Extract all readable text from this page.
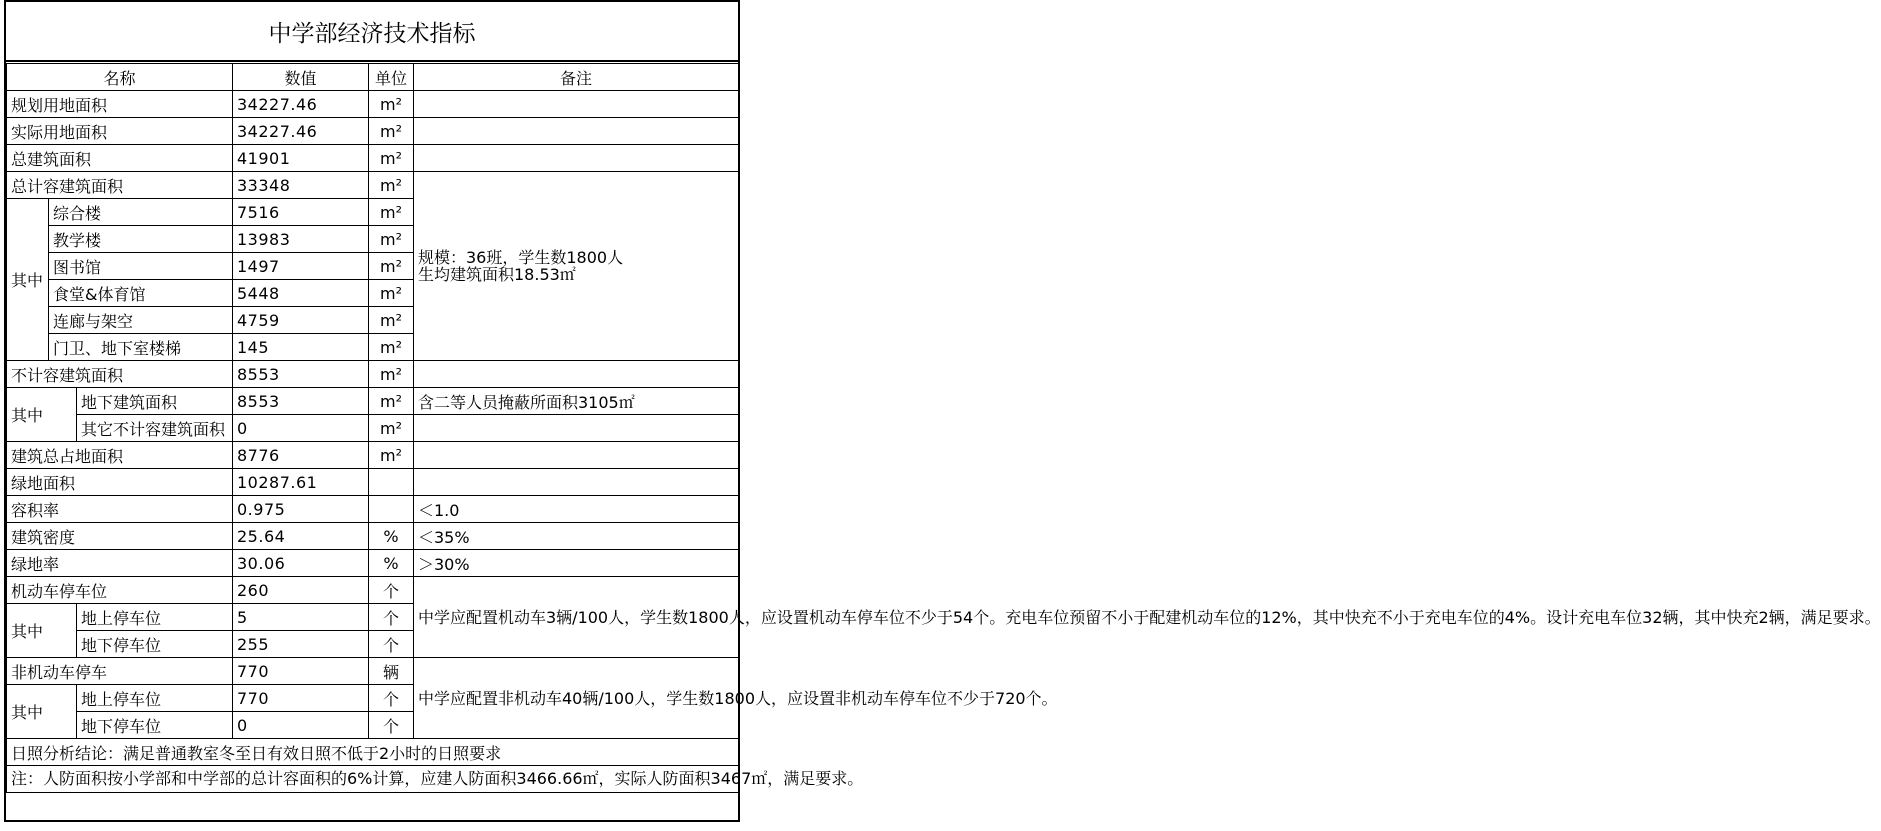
中学部经济技术指标
名称			数值	单位	备注
规划用地面积			34227.46	m²	
实际用地面积			34227.46	m²	
总建筑面积			41901	m²	
总计容建筑面积			33348	m²	规模：36班，学生数1800人
生均建筑面积18.53㎡

其中	综合楼		7516	m²	
	教学楼		13983	m²	
	图书馆		1497	m²	
	食堂&体育馆		5448	m²	
	连廊与架空		4759	m²	
	门卫、地下室楼梯		145	m²	
不计容建筑面积			8553	m²	
其中		地下建筑面积	8553	m²	含二等人员掩蔽所面积3105㎡
		其它不计容建筑面积	0	m²	
建筑总占地面积			8776	m²	
绿地面积			10287.61		
容积率			0.975		＜1.0
建筑密度			25.64	%	＜35%
绿地率			30.06	%	＞30%
机动车停车位			260	个	中学应配置机动车3辆/100人，学生数1800人，应设置机动车停车位不少于54个。充电车位预留不小于配建机动车位的12%，其中快充不小于充电车位的4%。设计充电车位32辆，其中快充2辆，满足要求。
其中		地上停车位	5	个	
		地下停车位	255	个	
非机动车停车			770	辆	中学应配置非机动车40辆/100人，学生数1800人，应设置非机动车停车位不少于720个。
其中		地上停车位	770	个	
		地下停车位	0	个	
日照分析结论：满足普通教室冬至日有效日照不低于2小时的日照要求					
注：人防面积按小学部和中学部的总计容面积的6%计算，应建人防面积3466.66㎡，实际人防面积3467㎡，满足要求。					
